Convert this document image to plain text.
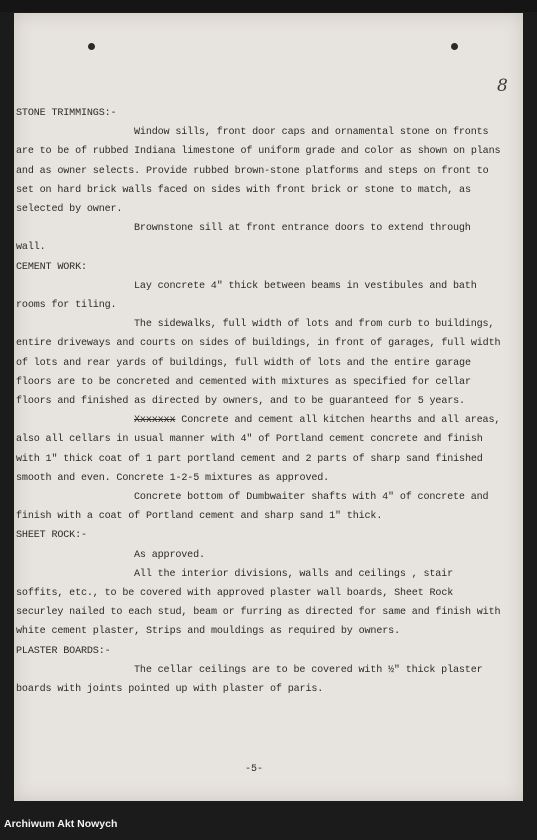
8

STONE TRIMMINGS:-

Window sills, front door caps and ornamental stone on fronts are to be of rubbed Indiana limestone of uniform grade and color as shown on plans and as owner selects. Provide rubbed brown-stone platforms and steps on front to set on hard brick walls faced on sides with front brick or stone to match, as selected by owner.

Brownstone sill at front entrance doors to extend through wall.

CEMENT WORK:

Lay concrete 4" thick between beams in vestibules and bath rooms for tiling.

The sidewalks, full width of lots and from curb to buildings, entire driveways and courts on sides of buildings, in front of garages, full width of lots and rear yards of buildings, full width of lots and the entire garage floors are to be concreted and cemented with mixtures as specified for cellar floors and finished as directed by owners, and to be guaranteed for 5 years.

Xxxxxxx Concrete and cement all kitchen hearths and all areas, also all cellars in usual manner with 4" of Portland cement concrete and finish with 1" thick coat of 1 part portland cement and 2 parts of sharp sand finished smooth and even. Concrete 1-2-5 mixtures as approved.

Concrete bottom of Dumbwaiter shafts with 4" of concrete and finish with a coat of Portland cement and sharp sand 1" thick.

SHEET ROCK:-

As approved.

All the interior divisions, walls and ceilings , stair soffits, etc., to be covered with approved plaster wall boards, Sheet Rock securley nailed to each stud, beam or furring as directed for same and finish with white cement plaster, Strips and mouldings as required by owners.

PLASTER BOARDS:-

The cellar ceilings are to be covered with ½" thick plaster boards with joints pointed up with plaster of paris.

-5-
Archiwum Akt Nowych
